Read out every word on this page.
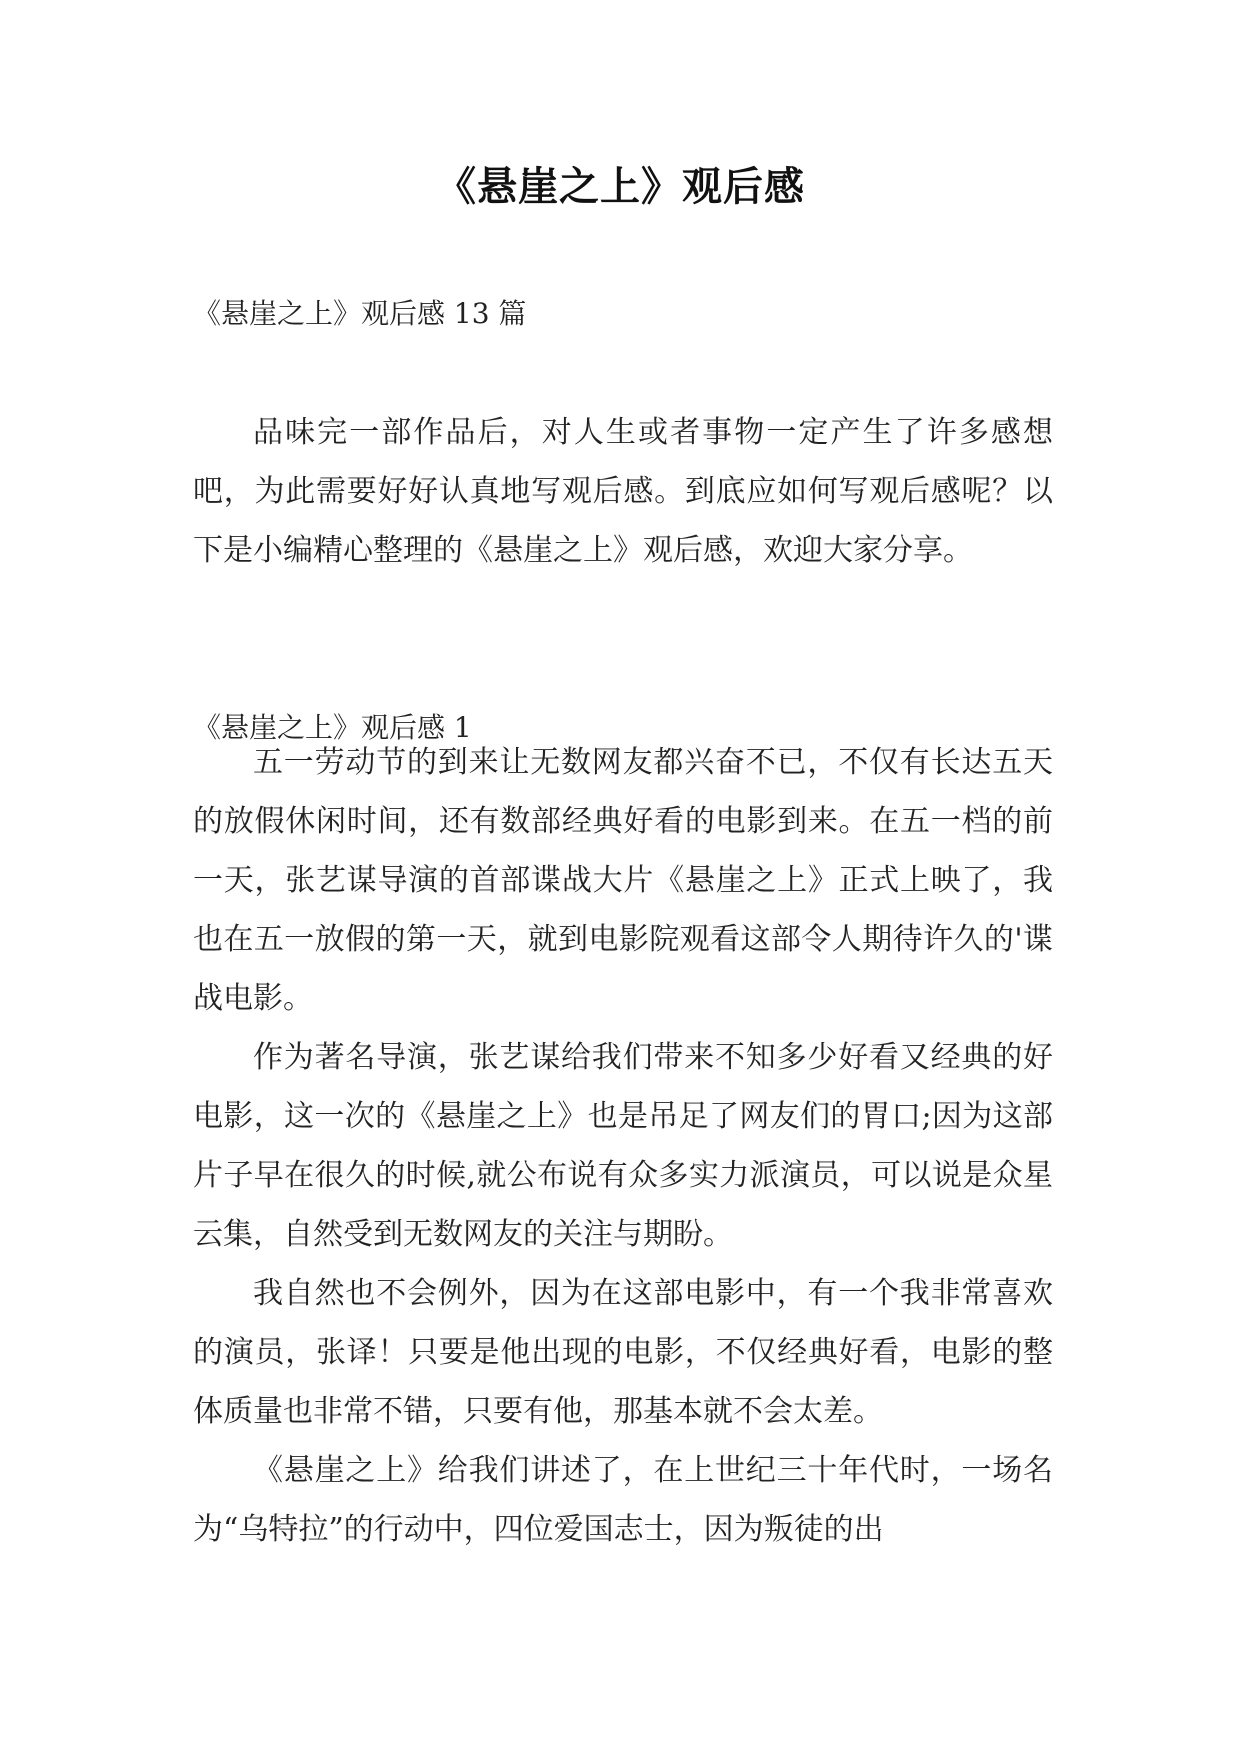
《悬崖之上》观后感
《悬崖之上》观后感 13 篇

品味完一部作品后，对人生或者事物一定产生了许多感想吧，为此需要好好认真地写观后感。到底应如何写观后感呢？以下是小编精心整理的《悬崖之上》观后感，欢迎大家分享。

《悬崖之上》观后感 1

五一劳动节的到来让无数网友都兴奋不已，不仅有长达五天的放假休闲时间，还有数部经典好看的电影到来。在五一档的前一天，张艺谋导演的首部谍战大片《悬崖之上》正式上映了，我也在五一放假的第一天，就到电影院观看这部令人期待许久的'谍战电影。

作为著名导演，张艺谋给我们带来不知多少好看又经典的好电影，这一次的《悬崖之上》也是吊足了网友们的胃口;因为这部片子早在很久的时候,就公布说有众多实力派演员，可以说是众星云集，自然受到无数网友的关注与期盼。

我自然也不会例外，因为在这部电影中，有一个我非常喜欢的演员，张译！只要是他出现的电影，不仅经典好看，电影的整体质量也非常不错，只要有他，那基本就不会太差。

《悬崖之上》给我们讲述了，在上世纪三十年代时，一场名为“乌特拉”的行动中，四位爱国志士，因为叛徒的出
